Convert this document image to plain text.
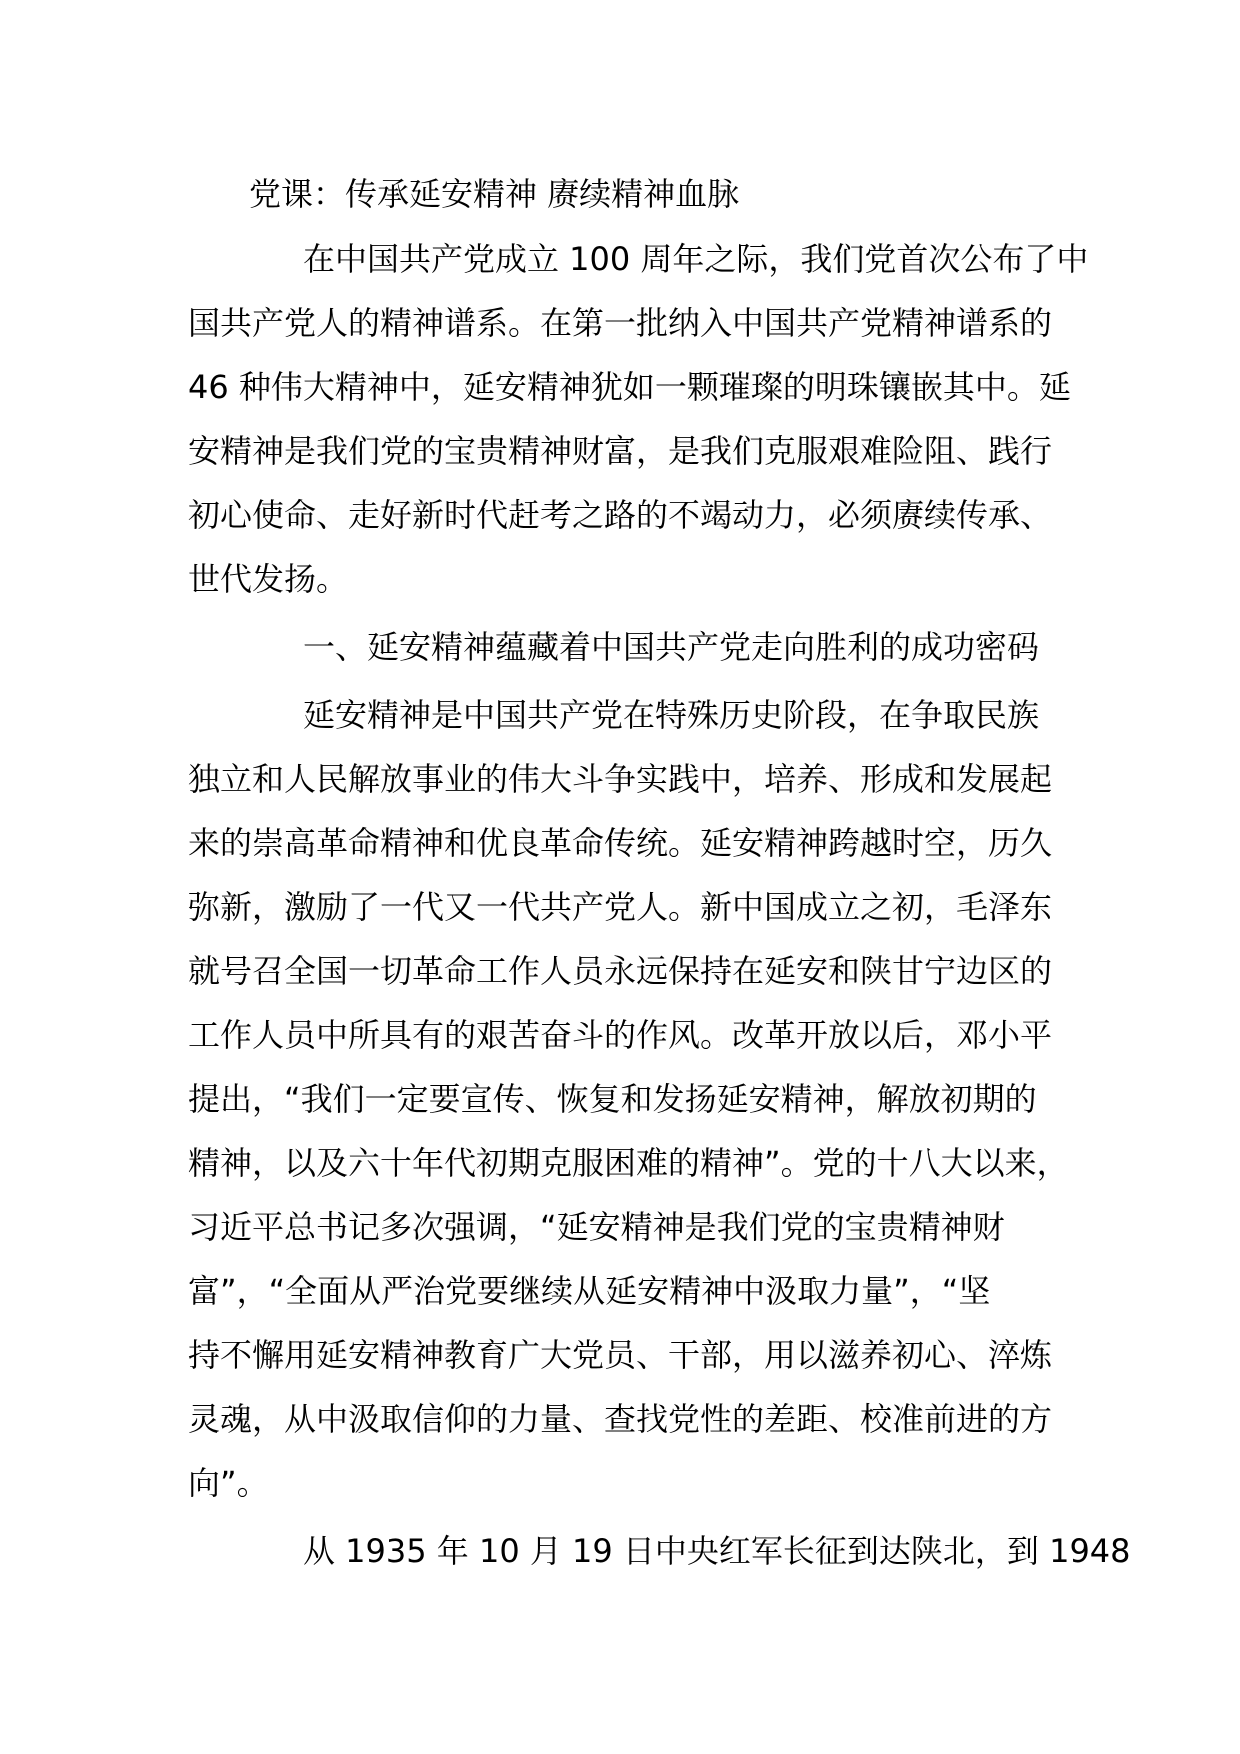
党课：传承延安精神 赓续精神血脉

在中国共产党成立 100 周年之际，我们党首次公布了中

国共产党人的精神谱系。在第一批纳入中国共产党精神谱系的

46 种伟大精神中，延安精神犹如一颗璀璨的明珠镶嵌其中。延

安精神是我们党的宝贵精神财富，是我们克服艰难险阻、践行

初心使命、走好新时代赶考之路的不竭动力，必须赓续传承、

世代发扬。

一、延安精神蕴藏着中国共产党走向胜利的成功密码

延安精神是中国共产党在特殊历史阶段，在争取民族

独立和人民解放事业的伟大斗争实践中，培养、形成和发展起

来的崇高革命精神和优良革命传统。延安精神跨越时空，历久

弥新，激励了一代又一代共产党人。新中国成立之初，毛泽东

就号召全国一切革命工作人员永远保持在延安和陕甘宁边区的

工作人员中所具有的艰苦奋斗的作风。改革开放以后，邓小平

提出，“我们一定要宣传、恢复和发扬延安精神，解放初期的

精神，以及六十年代初期克服困难的精神”。党的十八大以来，

习近平总书记多次强调，“延安精神是我们党的宝贵精神财

富”，“全面从严治党要继续从延安精神中汲取力量”，“坚

持不懈用延安精神教育广大党员、干部，用以滋养初心、淬炼

灵魂，从中汲取信仰的力量、查找党性的差距、校准前进的方

向”。

从 1935 年 10 月 19 日中央红军长征到达陕北，到 1948
